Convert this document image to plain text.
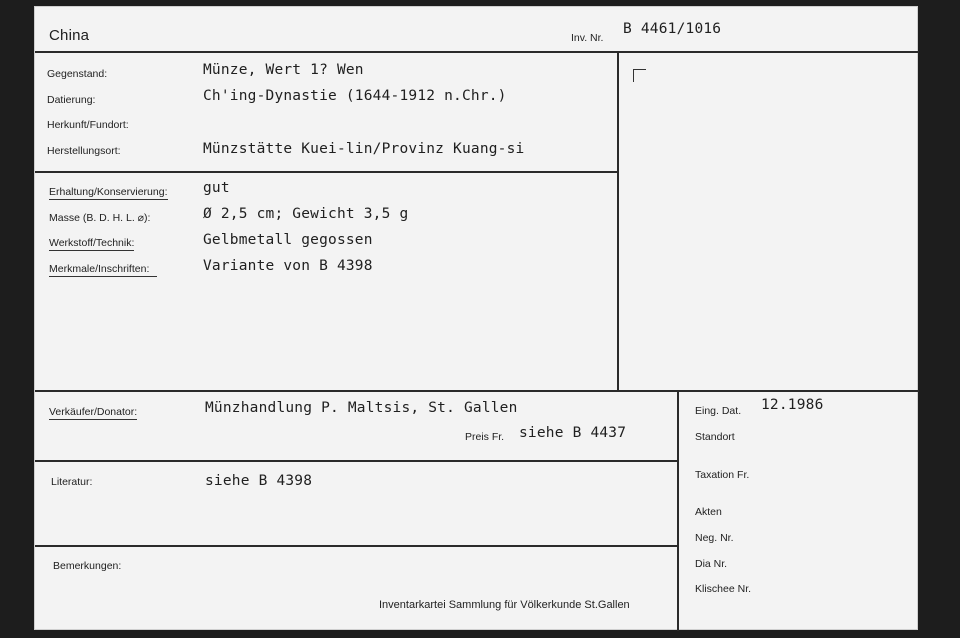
China	Inv. Nr.
B 4461/1016
Gegenstand:	Münze, Wert 1? Wen
Datierung:	Ch'ing-Dynastie (1644-1912 n.Chr.)
Herkunft/Fundort:
Herstellungsort:	Münzstätte Kuei-lin/Provinz Kuang-si
Erhaltung/Konservierung: gut
Masse (B. D. H. L. ⌀):	Ø 2,5 cm; Gewicht 3,5 g
Werkstoff/Technik:	Gelbmetall gegossen
Merkmale/Inschriften:	Variante von B 4398
Verkäufer/Donator:	Münzhandlung P. Maltsis, St. Gallen
Preis Fr. siehe B 4437
Literatur:	siehe B 4398
Bemerkungen:
Inventarkartei Sammlung für Völkerkunde St.Gallen
Eing. Dat. 12.1986
Standort
Taxation Fr.
Akten
Neg. Nr.
Dia Nr.
Klischee Nr.
